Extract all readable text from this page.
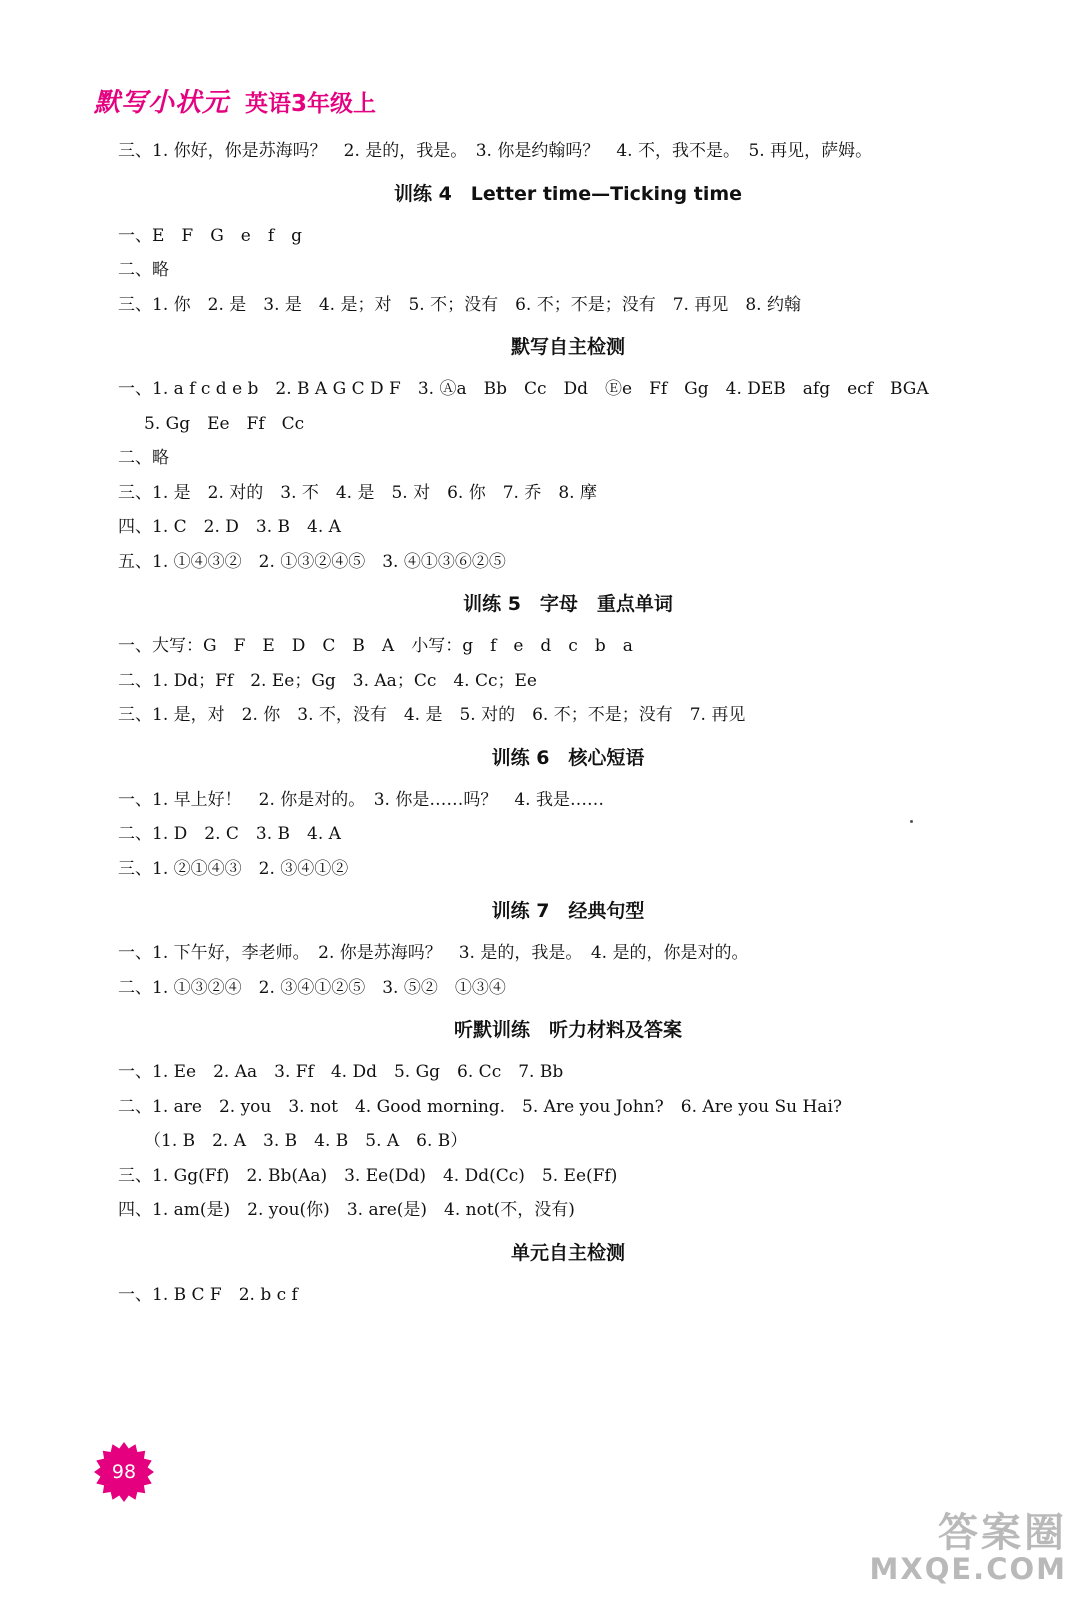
默写小状元 英语3年级上
三、1. 你好，你是苏海吗？　2. 是的，我是。　3. 你是约翰吗？　4. 不，我不是。　5. 再见，萨姆。
训练 4　Letter time—Ticking time
一、E　F　G　e　f　g
二、略
三、1. 你　2. 是　3. 是　4. 是；对　5. 不；没有　6. 不；不是；没有　7. 再见　8. 约翰
默写自主检测
一、1. a f c d e b　2. B A G C D F　3. Ⓐa　Bb　Cc　Dd　Ⓔe　Ff　Gg　4. DEB　afg　ecf　BGA
5. Gg　Ee　Ff　Cc
二、略
三、1. 是　2. 对的　3. 不　4. 是　5. 对　6. 你　7. 乔　8. 摩
四、1. C　2. D　3. B　4. A
五、1. ①④③②　2. ①③②④⑤　3. ④①③⑥②⑤
训练 5　字母　重点单词
一、大写：G　F　E　D　C　B　A　小写：g　f　e　d　c　b　a
二、1. Dd；Ff　2. Ee；Gg　3. Aa；Cc　4. Cc；Ee
三、1. 是，对　2. 你　3. 不，没有　4. 是　5. 对的　6. 不；不是；没有　7. 再见
训练 6　核心短语
一、1. 早上好！　2. 你是对的。　3. 你是……吗？　4. 我是……
二、1. D　2. C　3. B　4. A
三、1. ②①④③　2. ③④①②
训练 7　经典句型
一、1. 下午好，李老师。　2. 你是苏海吗？　3. 是的，我是。　4. 是的，你是对的。
二、1. ①③②④　2. ③④①②⑤　3. ⑤②　①③④
听默训练　听力材料及答案
一、1. Ee　2. Aa　3. Ff　4. Dd　5. Gg　6. Cc　7. Bb
二、1. are　2. you　3. not　4. Good morning.　5. Are you John?　6. Are you Su Hai?
（1. B　2. A　3. B　4. B　5. A　6. B）
三、1. Gg(Ff)　2. Bb(Aa)　3. Ee(Dd)　4. Dd(Cc)　5. Ee(Ff)
四、1. am(是)　2. you(你)　3. are(是)　4. not(不，没有)
单元自主检测
一、1. B C F　2. b c f
98
答案圈
MXQE.COM
